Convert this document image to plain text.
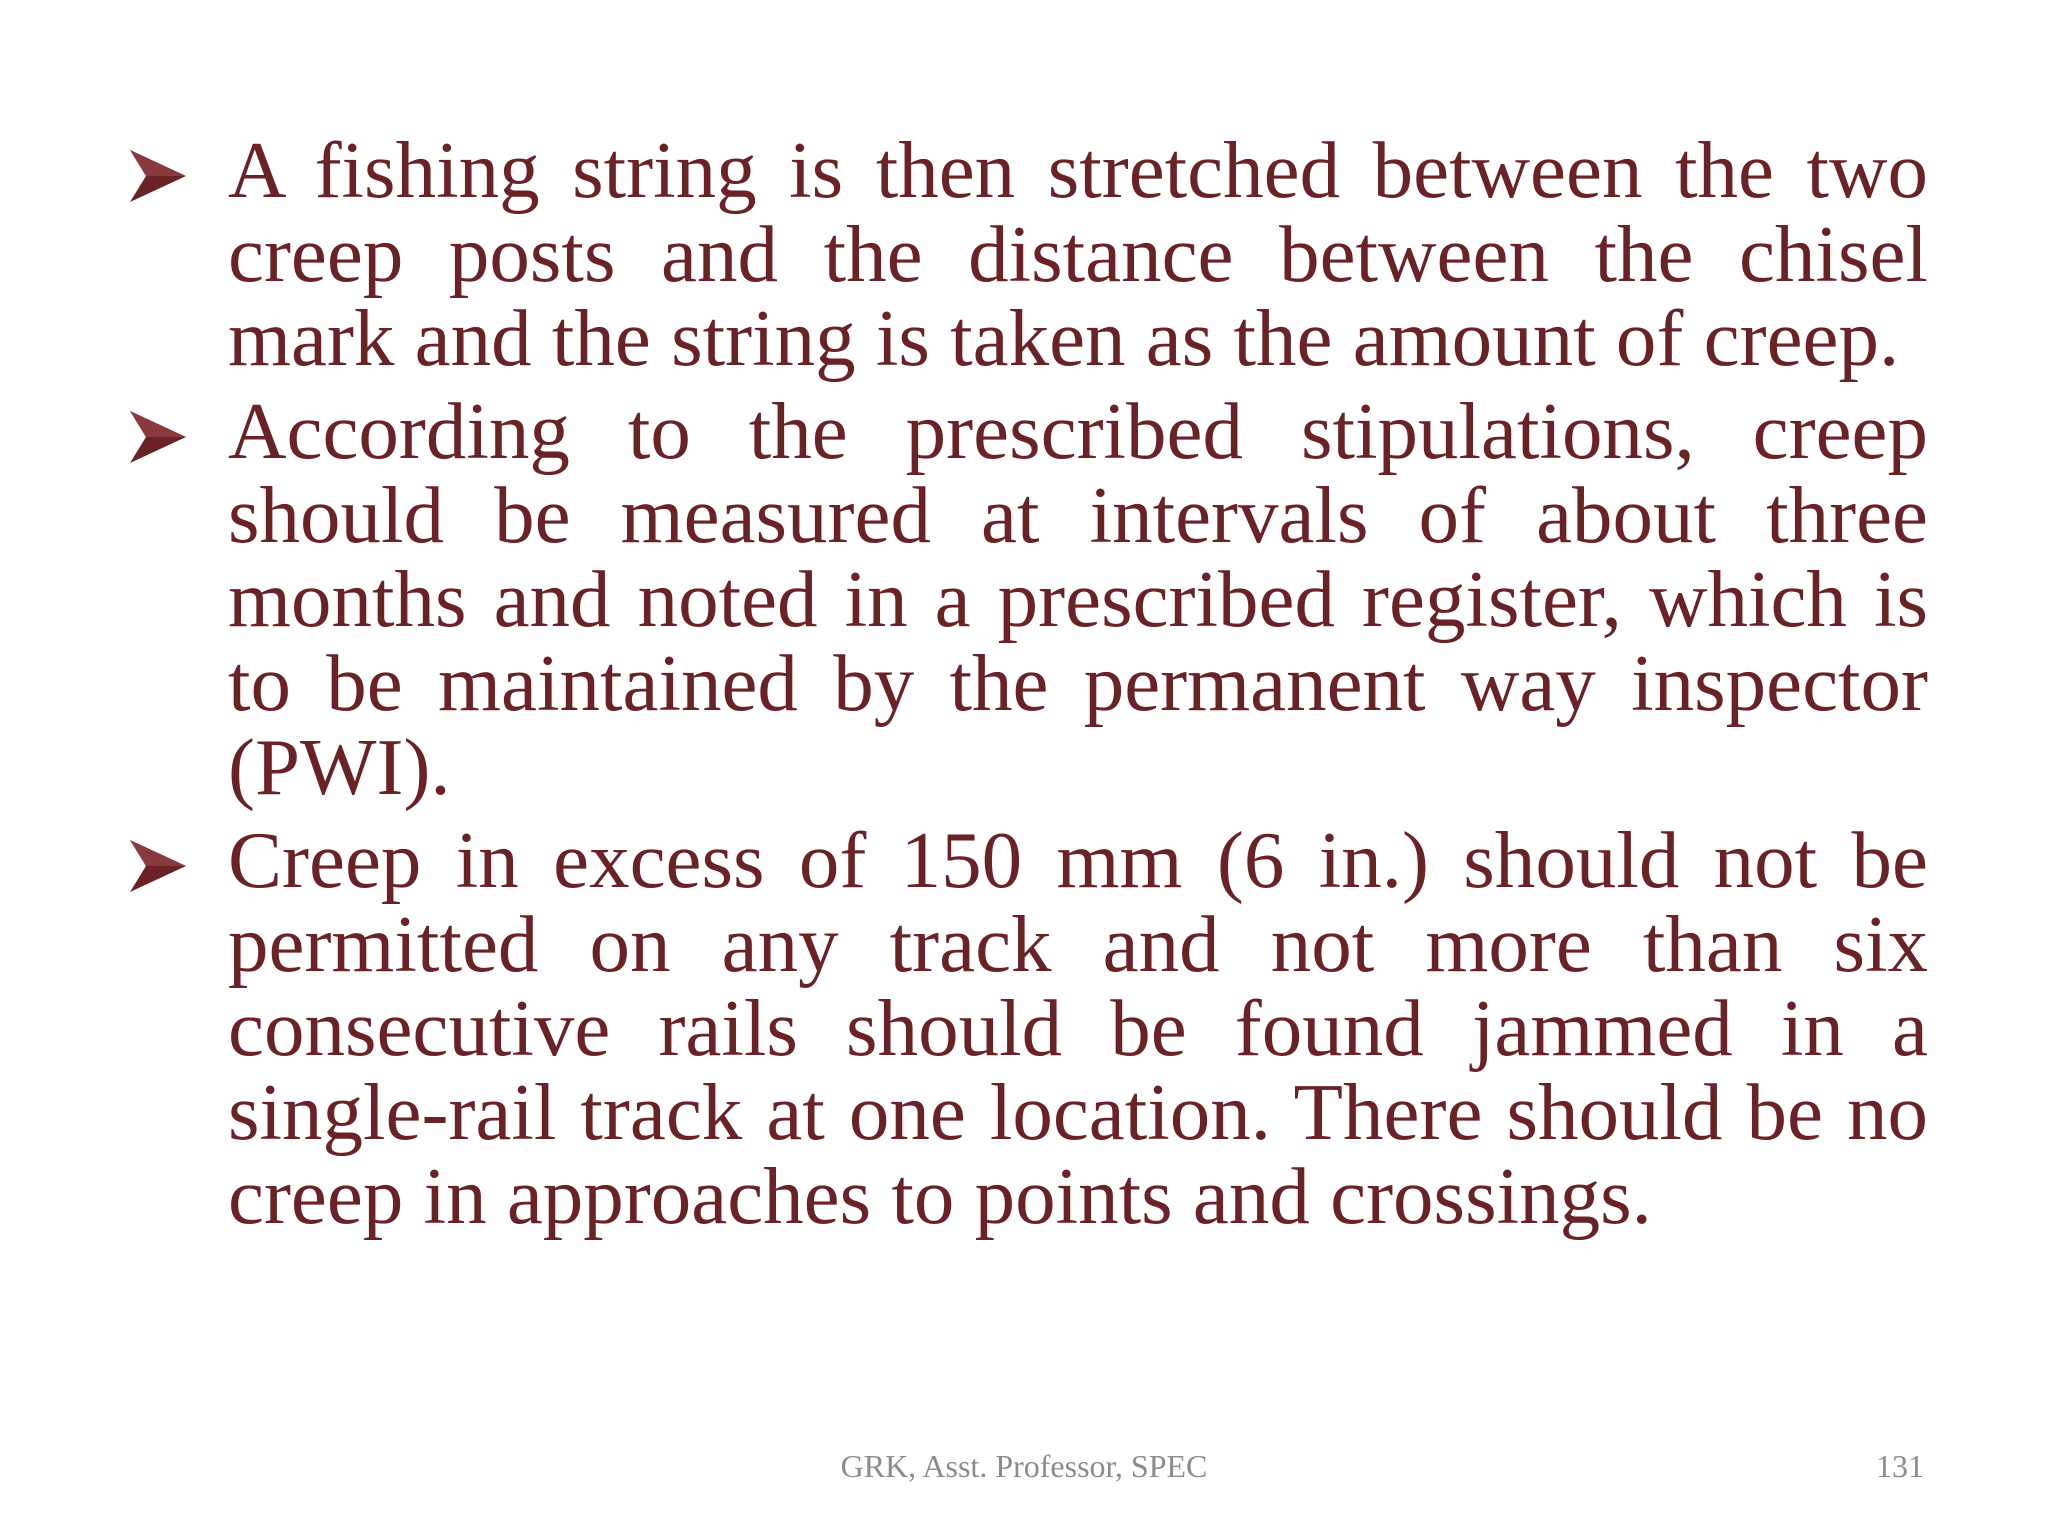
A fishing string is then stretched between the two creep posts and the distance between the chisel mark and the string is taken as the amount of creep.
According to the prescribed stipulations, creep should be measured at intervals of about three months and noted in a prescribed register, which is to be maintained by the permanent way inspector (PWI).
Creep in excess of 150 mm (6 in.) should not be permitted on any track and not more than six consecutive rails should be found jammed in a single-rail track at one location. There should be no creep in approaches to points and crossings.
GRK, Asst. Professor, SPEC	131
